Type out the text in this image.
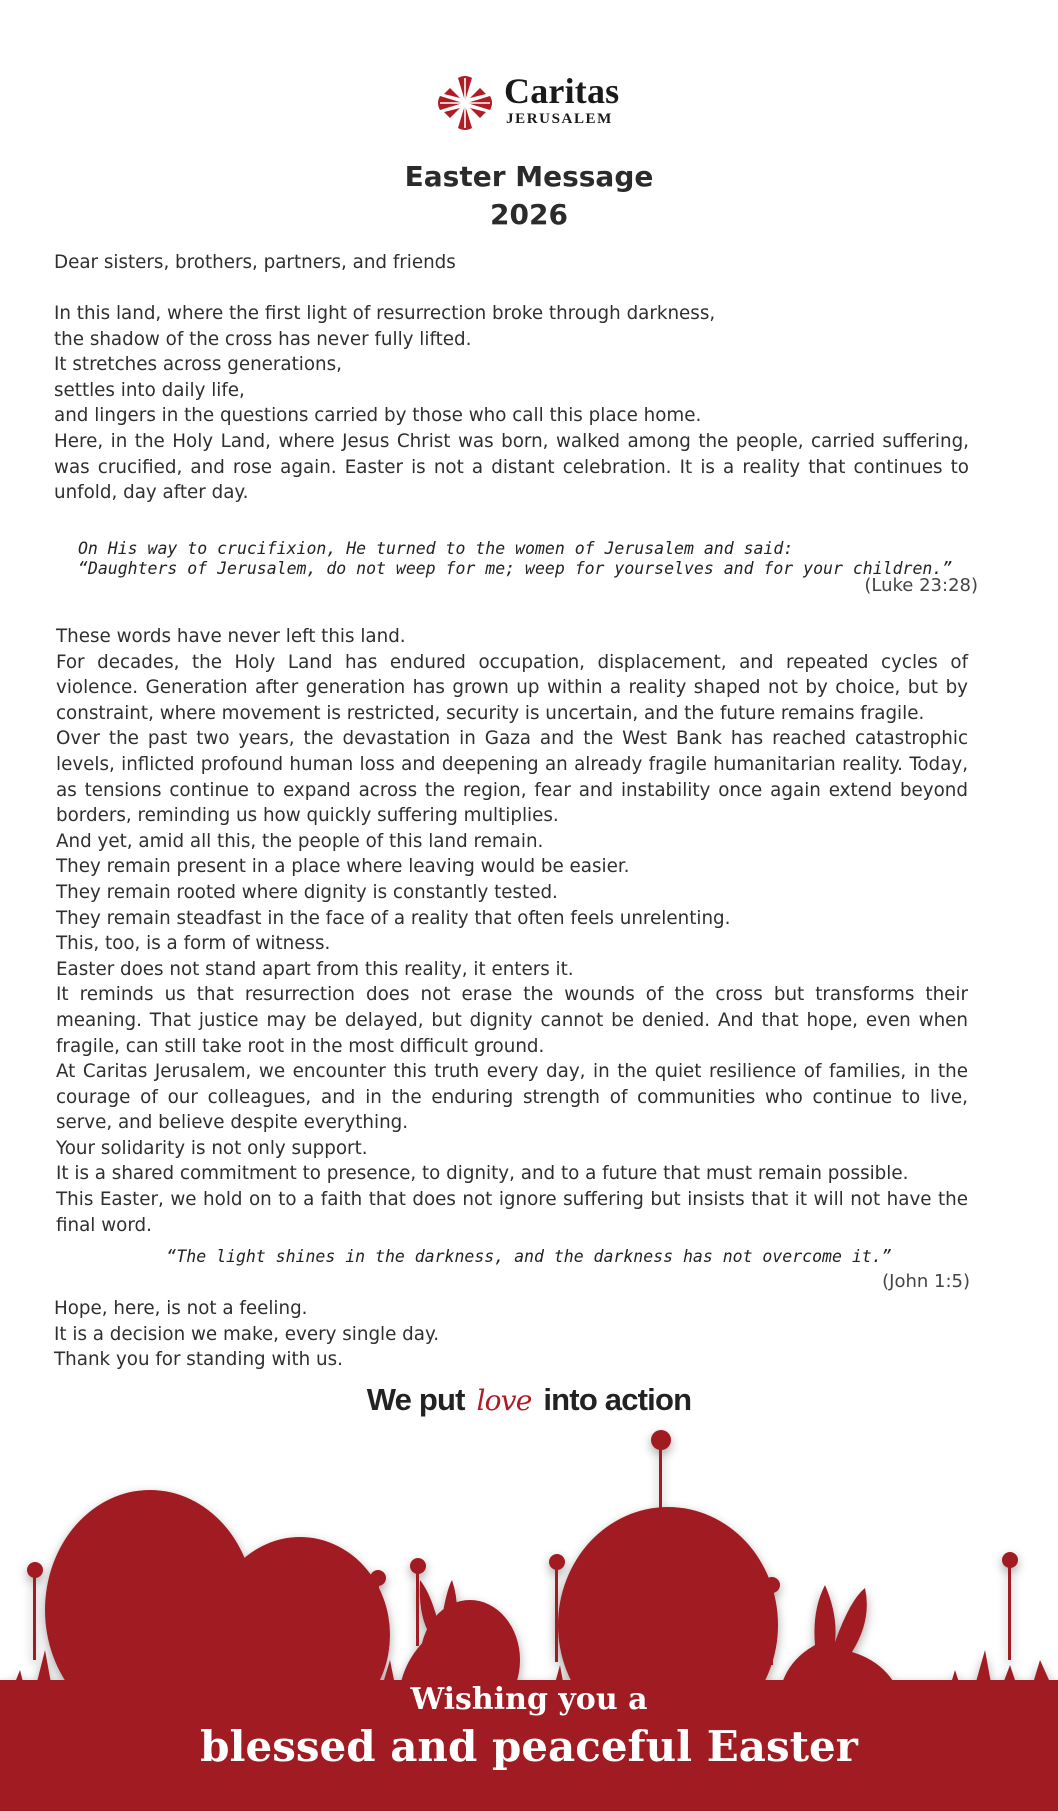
Caritas
JERUSALEM
Easter Message
2026

Dear sisters, brothers, partners, and friends

In this land, where the first light of resurrection broke through darkness,

the shadow of the cross has never fully lifted.

It stretches across generations,

settles into daily life,

and lingers in the questions carried by those who call this place home.

Here, in the Holy Land, where Jesus Christ was born, walked among the people, carried suffering, was crucified, and rose again. Easter is not a distant celebration. It is a reality that continues to unfold, day after day.

On His way to crucifixion, He turned to the women of Jerusalem and said:
“Daughters of Jerusalem, do not weep for me; weep for yourselves and for your children.”
(Luke 23:28)

These words have never left this land.

For decades, the Holy Land has endured occupation, displacement, and repeated cycles of violence. Generation after generation has grown up within a reality shaped not by choice, but by constraint, where movement is restricted, security is uncertain, and the future remains fragile.

Over the past two years, the devastation in Gaza and the West Bank has reached catastrophic levels, inflicted profound human loss and deepening an already fragile humanitarian reality. Today, as tensions continue to expand across the region, fear and instability once again extend beyond borders, reminding us how quickly suffering multiplies.

And yet, amid all this, the people of this land remain.

They remain present in a place where leaving would be easier.

They remain rooted where dignity is constantly tested.

They remain steadfast in the face of a reality that often feels unrelenting.

This, too, is a form of witness.

Easter does not stand apart from this reality, it enters it.

It reminds us that resurrection does not erase the wounds of the cross but transforms their meaning. That justice may be delayed, but dignity cannot be denied. And that hope, even when fragile, can still take root in the most difficult ground.

At Caritas Jerusalem, we encounter this truth every day, in the quiet resilience of families, in the courage of our colleagues, and in the enduring strength of communities who continue to live, serve, and believe despite everything.

Your solidarity is not only support.

It is a shared commitment to presence, to dignity, and to a future that must remain possible.

This Easter, we hold on to a faith that does not ignore suffering but insists that it will not have the final word.

“The light shines in the darkness, and the darkness has not overcome it.”
(John 1:5)

Hope, here, is not a feeling.

It is a decision we make, every single day.

Thank you for standing with us.

We put love into action
Wishing you a
blessed and peaceful Easter
